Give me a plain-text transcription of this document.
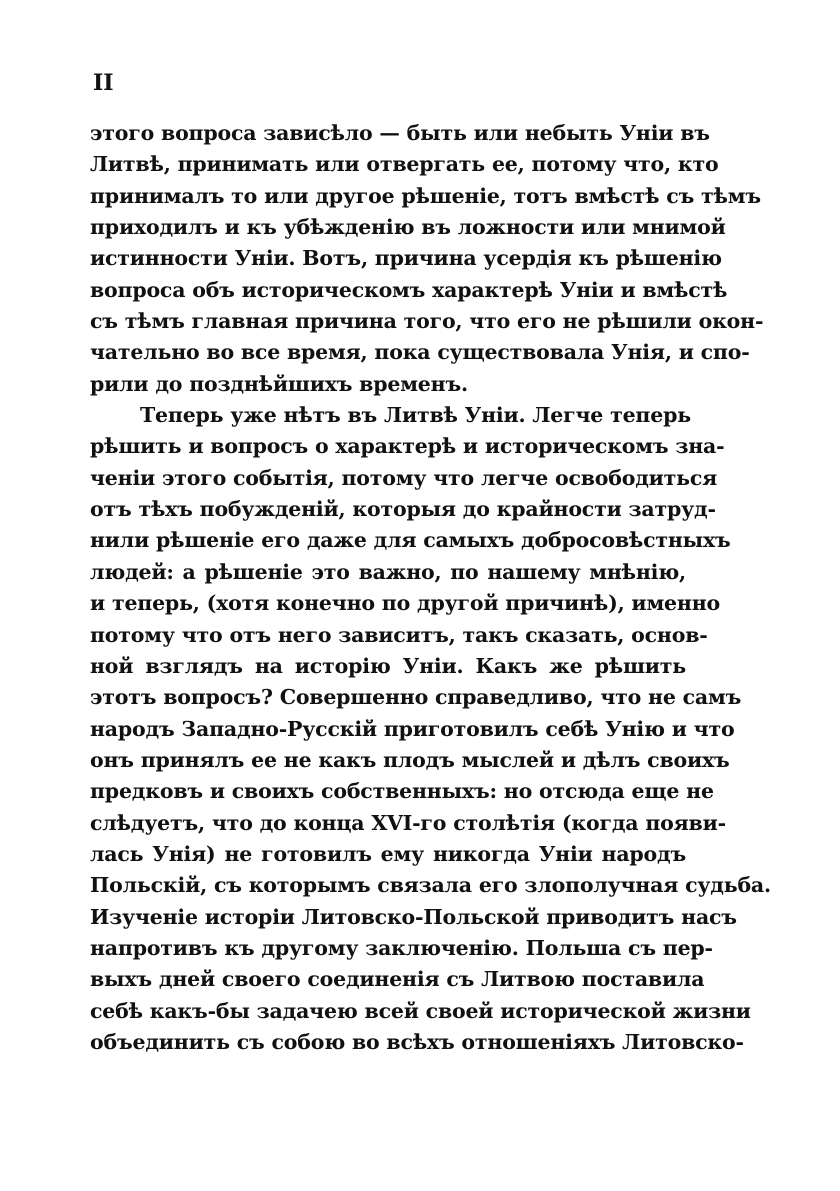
II
этого вопроса зависѣло — быть или небыть Уніи въ
Литвѣ, принимать или отвергать ее, потому что, кто
принималъ то или другое рѣшеніе, тотъ вмѣстѣ съ тѣмъ
приходилъ и къ убѣжденію въ ложности или мнимой
истинности Уніи. Вотъ, причина усердія къ рѣшенію
вопроса объ историческомъ характерѣ Уніи и вмѣстѣ
съ тѣмъ главная причина того, что его не рѣшили окон-
чательно во все время, пока существовала Унія, и спо-
рили до позднѣйшихъ временъ.
Теперь уже нѣтъ въ Литвѣ Уніи. Легче теперь
рѣшить и вопросъ о характерѣ и историческомъ зна-
ченіи этого событія, потому что легче освободиться
отъ тѣхъ побужденій, которыя до крайности затруд-
нили рѣшеніе его даже для самыхъ добросовѣстныхъ
людей: а рѣшеніе это важно, по нашему мнѣнію,
и теперь, (хотя конечно по другой причинѣ), именно
потому что отъ него зависитъ, такъ сказать, основ-
ной взглядъ на исторію Уніи. Какъ же рѣшить
этотъ вопросъ? Совершенно справедливо, что не самъ
народъ Западно-Русскій приготовилъ себѣ Унію и что
онъ принялъ ее не какъ плодъ мыслей и дѣлъ своихъ
предковъ и своихъ собственныхъ: но отсюда еще не
слѣдуетъ, что до конца XVI-го столѣтія (когда появи-
лась Унія) не готовилъ ему никогда Уніи народъ
Польскій, съ которымъ связала его злополучная судьба.
Изученіе исторіи Литовско-Польской приводитъ насъ
напротивъ къ другому заключенію. Польша съ пер-
выхъ дней своего соединенія съ Литвою поставила
себѣ какъ-бы задачею всей своей исторической жизни
объединить съ собою во всѣхъ отношеніяхъ Литовско-
